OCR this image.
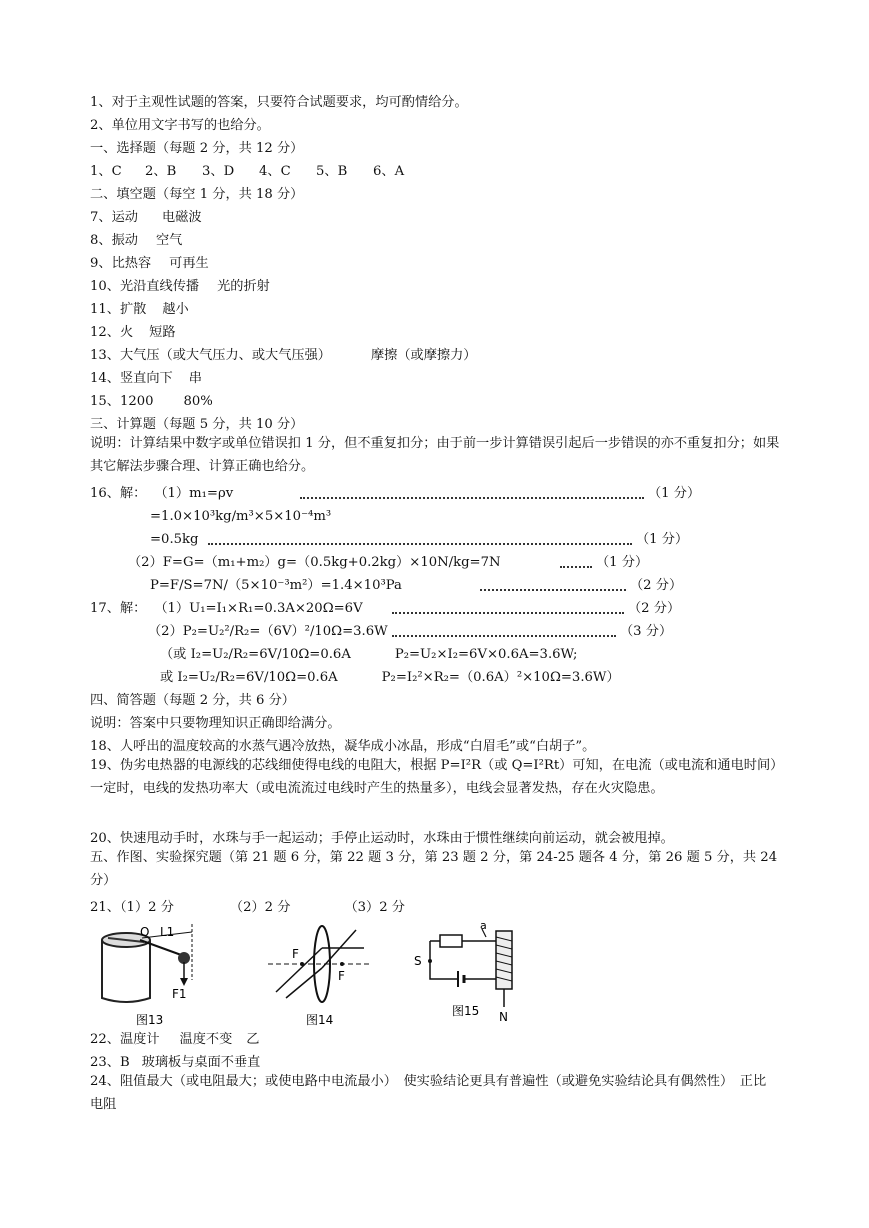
1、对于主观性试题的答案，只要符合试题要求，均可酌情给分。
2、单位用文字书写的也给分。
一、选择题（每题 2 分，共 12 分）
1、C 2、B 3、D 4、C 5、B 6、A
二、填空题（每空 1 分，共 18 分）
7、运动 电磁波
8、振动 空气
9、比热容 可再生
10、光沿直线传播 光的折射
11、扩散 越小
12、火 短路
13、大气压（或大气压力、或大气压强）	摩擦（或摩擦力）
14、竖直向下 串
15、1200 80%
三、计算题（每题 5 分，共 10 分）
说明：计算结果中数字或单位错误扣 1 分，但不重复扣分；由于前一步计算错误引起后一步错误的亦不重复扣分；如果其它解法步骤合理、计算正确也给分。
16、解： （1）m₁=ρv	（1 分）
=1.0×10³kg/m³×5×10⁻⁴m³
=0.5kg	（1 分）
（2）F=G=（m₁+m₂）g=（0.5kg+0.2kg）×10N/kg=7N	（1 分）
P=F/S=7N/（5×10⁻³m²）=1.4×10³Pa	（2 分）
17、解： （1）U₁=I₁×R₁=0.3A×20Ω=6V	（2 分）
（2）P₂=U₂²/R₂=（6V）²/10Ω=3.6W	（3 分）
（或 I₂=U₂/R₂=6V/10Ω=0.6A	P₂=U₂×I₂=6V×0.6A=3.6W;
或 I₂=U₂/R₂=6V/10Ω=0.6A	P₂=I₂²×R₂=（0.6A）²×10Ω=3.6W）
四、简答题（每题 2 分，共 6 分）
说明：答案中只要物理知识正确即给满分。
18、人呼出的温度较高的水蒸气遇冷放热，凝华成小冰晶，形成“白眉毛”或“白胡子”。
19、伪劣电热器的电源线的芯线细使得电线的电阻大，根据 P=I²R（或 Q=I²Rt）可知，在电流（或电流和通电时间）一定时，电线的发热功率大（或电流流过电线时产生的热量多），电线会显著发热，存在火灾隐患。
20、快速甩动手时，水珠与手一起运动；手停止运动时，水珠由于惯性继续向前运动，就会被甩掉。
五、作图、实验探究题（第 21 题 6 分，第 22 题 3 分，第 23 题 2 分，第 24-25 题各 4 分，第 26 题 5 分，共 24 分）
21、（1）2 分	（2）2 分	（3）2 分
O L1
F1
图13
F
F
图14
S
a
N
图15
22、温度计 温度不变 乙
23、B 玻璃板与桌面不垂直
24、阻值最大（或电阻最大；或使电路中电流最小）　使实验结论更具有普遍性（或避免实验结论具有偶然性）　正比　电阻
